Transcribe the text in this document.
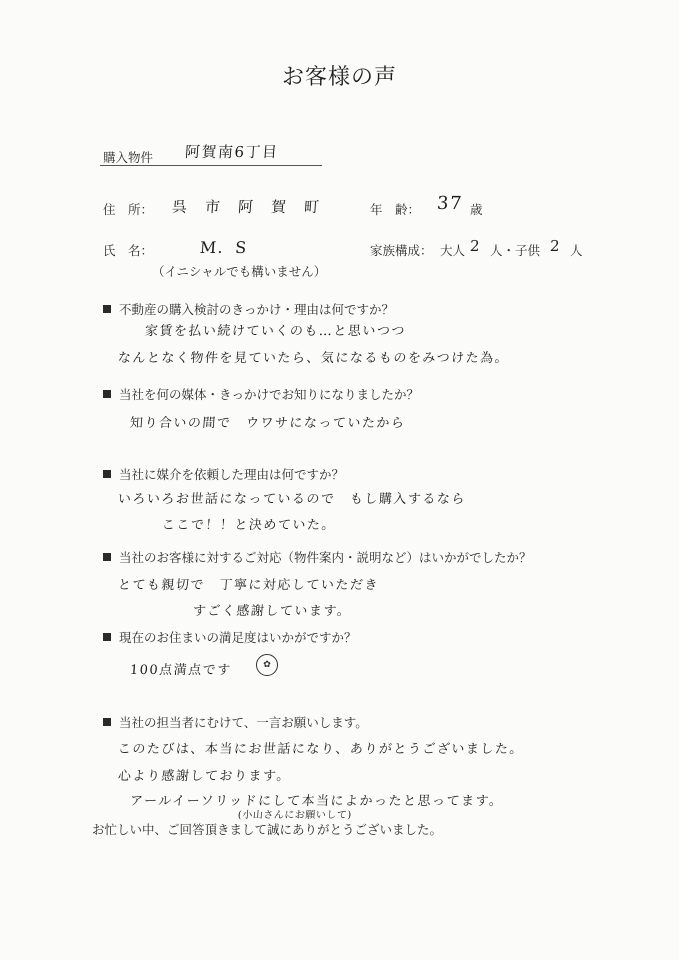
お客様の声
購入物件 阿賀南6丁目
住　所： 呉　市　阿　賀　町	年　齢： 37 歳
氏　名：	M．S
（イニシャルでも構いません）
家族構成： 大人 2 人・子供 2 人
不動産の購入検討のきっかけ・理由は何ですか？
家賃を払い続けていくのも…と思いつつ
なんとなく物件を見ていたら、気になるものをみつけた為。
当社を何の媒体・きっかけでお知りになりましたか？
知り合いの間で　ウワサになっていたから
当社に媒介を依頼した理由は何ですか？
いろいろお世話になっているので　もし購入するなら
ここで！！と決めていた。
当社のお客様に対するご対応（物件案内・説明など）はいかがでしたか？
とても親切で　丁寧に対応していただき
すごく感謝しています。
現在のお住まいの満足度はいかがですか？
100点満点です	✿
当社の担当者にむけて、一言お願いします。
このたびは、本当にお世話になり、ありがとうございました。
心より感謝しております。
アールイーソリッドにして本当によかったと思ってます。
(小山さんにお願いして)
お忙しい中、ご回答頂きまして誠にありがとうございました。
